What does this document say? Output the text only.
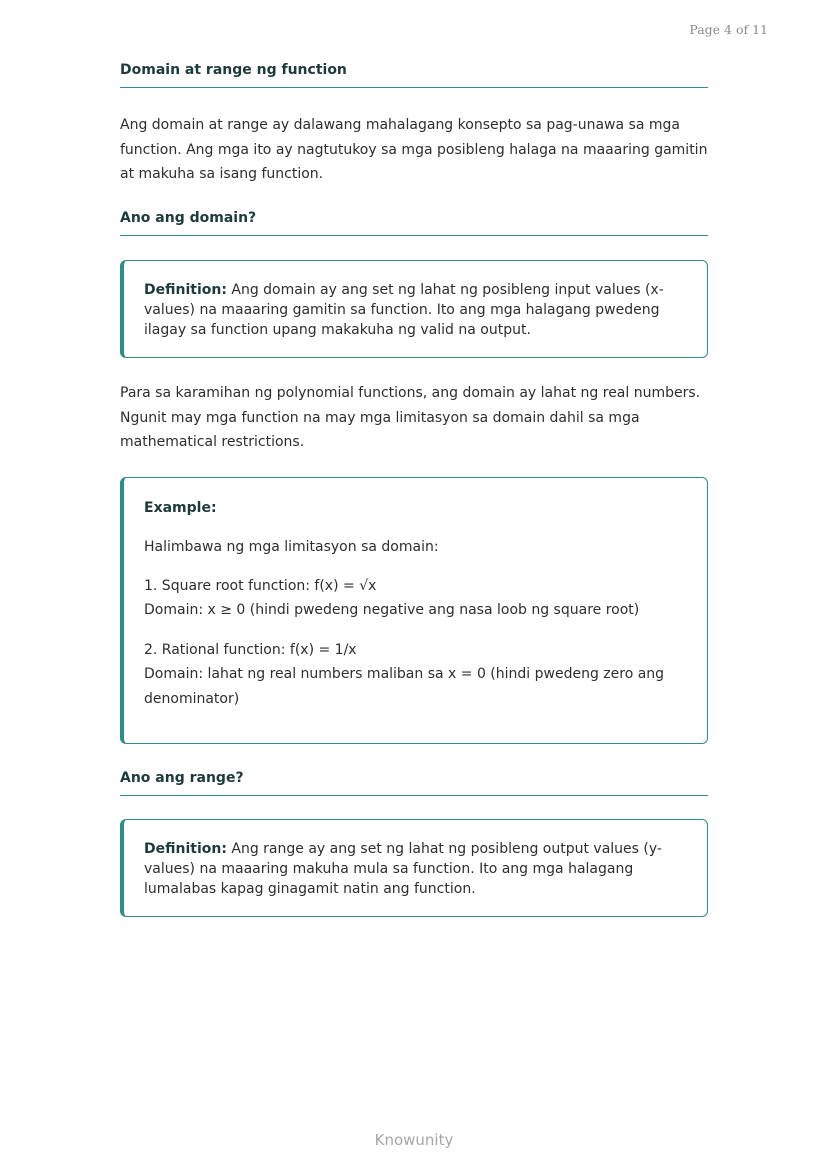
Page 4 of 11
Domain at range ng function

Ang domain at range ay dalawang mahalagang konsepto sa pag-unawa sa mga function. Ang mga ito ay nagtutukoy sa mga posibleng halaga na maaaring gamitin at makuha sa isang function.

Ano ang domain?

Definition: Ang domain ay ang set ng lahat ng posibleng input values (x-values) na maaaring gamitin sa function. Ito ang mga halagang pwedeng ilagay sa function upang makakuha ng valid na output.

Para sa karamihan ng polynomial functions, ang domain ay lahat ng real numbers. Ngunit may mga function na may mga limitasyon sa domain dahil sa mga mathematical restrictions.

Example:

Halimbawa ng mga limitasyon sa domain:

1. Square root function: f(x) = √x

Domain: x ≥ 0 (hindi pwedeng negative ang nasa loob ng square root)

2. Rational function: f(x) = 1/x

Domain: lahat ng real numbers maliban sa x = 0 (hindi pwedeng zero ang denominator)

Ano ang range?

Definition: Ang range ay ang set ng lahat ng posibleng output values (y-values) na maaaring makuha mula sa function. Ito ang mga halagang lumalabas kapag ginagamit natin ang function.

Knowunity
